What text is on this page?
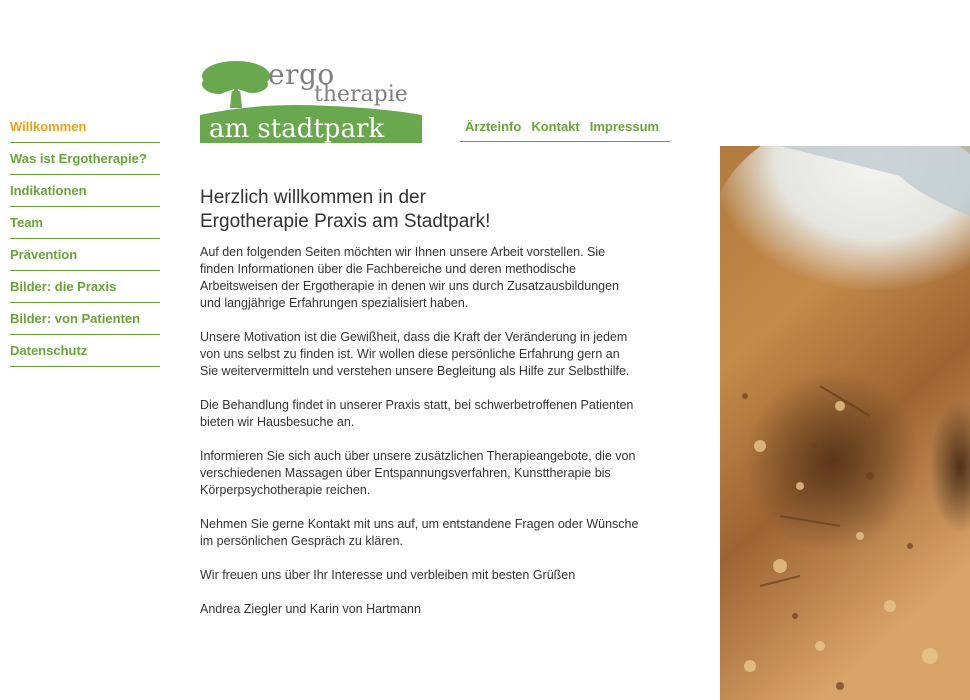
ergo
therapie
am stadtpark
Willkommen
Was ist Ergotherapie?
Indikationen
Team
Prävention
Bilder: die Praxis
Bilder: von Patienten
Datenschutz
Ärzteinfo Kontakt Impressum
Herzlich willkommen in der
Ergotherapie Praxis am Stadtpark!

Auf den folgenden Seiten möchten wir Ihnen unsere Arbeit vorstellen. Sie finden Informationen über die Fachbereiche und deren methodische Arbeitsweisen der Ergotherapie in denen wir uns durch Zusatzausbildungen und langjährige Erfahrungen spezialisiert haben.

Unsere Motivation ist die Gewißheit, dass die Kraft der Veränderung in jedem von uns selbst zu finden ist. Wir wollen diese persönliche Erfahrung gern an Sie weitervermitteln und verstehen unsere Begleitung als Hilfe zur Selbsthilfe.

Die Behandlung findet in unserer Praxis statt, bei schwerbetroffenen Patienten bieten wir Hausbesuche an.

Informieren Sie sich auch über unsere zusätzlichen Therapieangebote, die von verschiedenen Massagen über Entspannungsverfahren, Kunsttherapie bis Körperpsychotherapie reichen.

Nehmen Sie gerne Kontakt mit uns auf, um entstandene Fragen oder Wünsche im persönlichen Gespräch zu klären.

Wir freuen uns über Ihr Interesse und verbleiben mit besten Grüßen

Andrea Ziegler und Karin von Hartmann
